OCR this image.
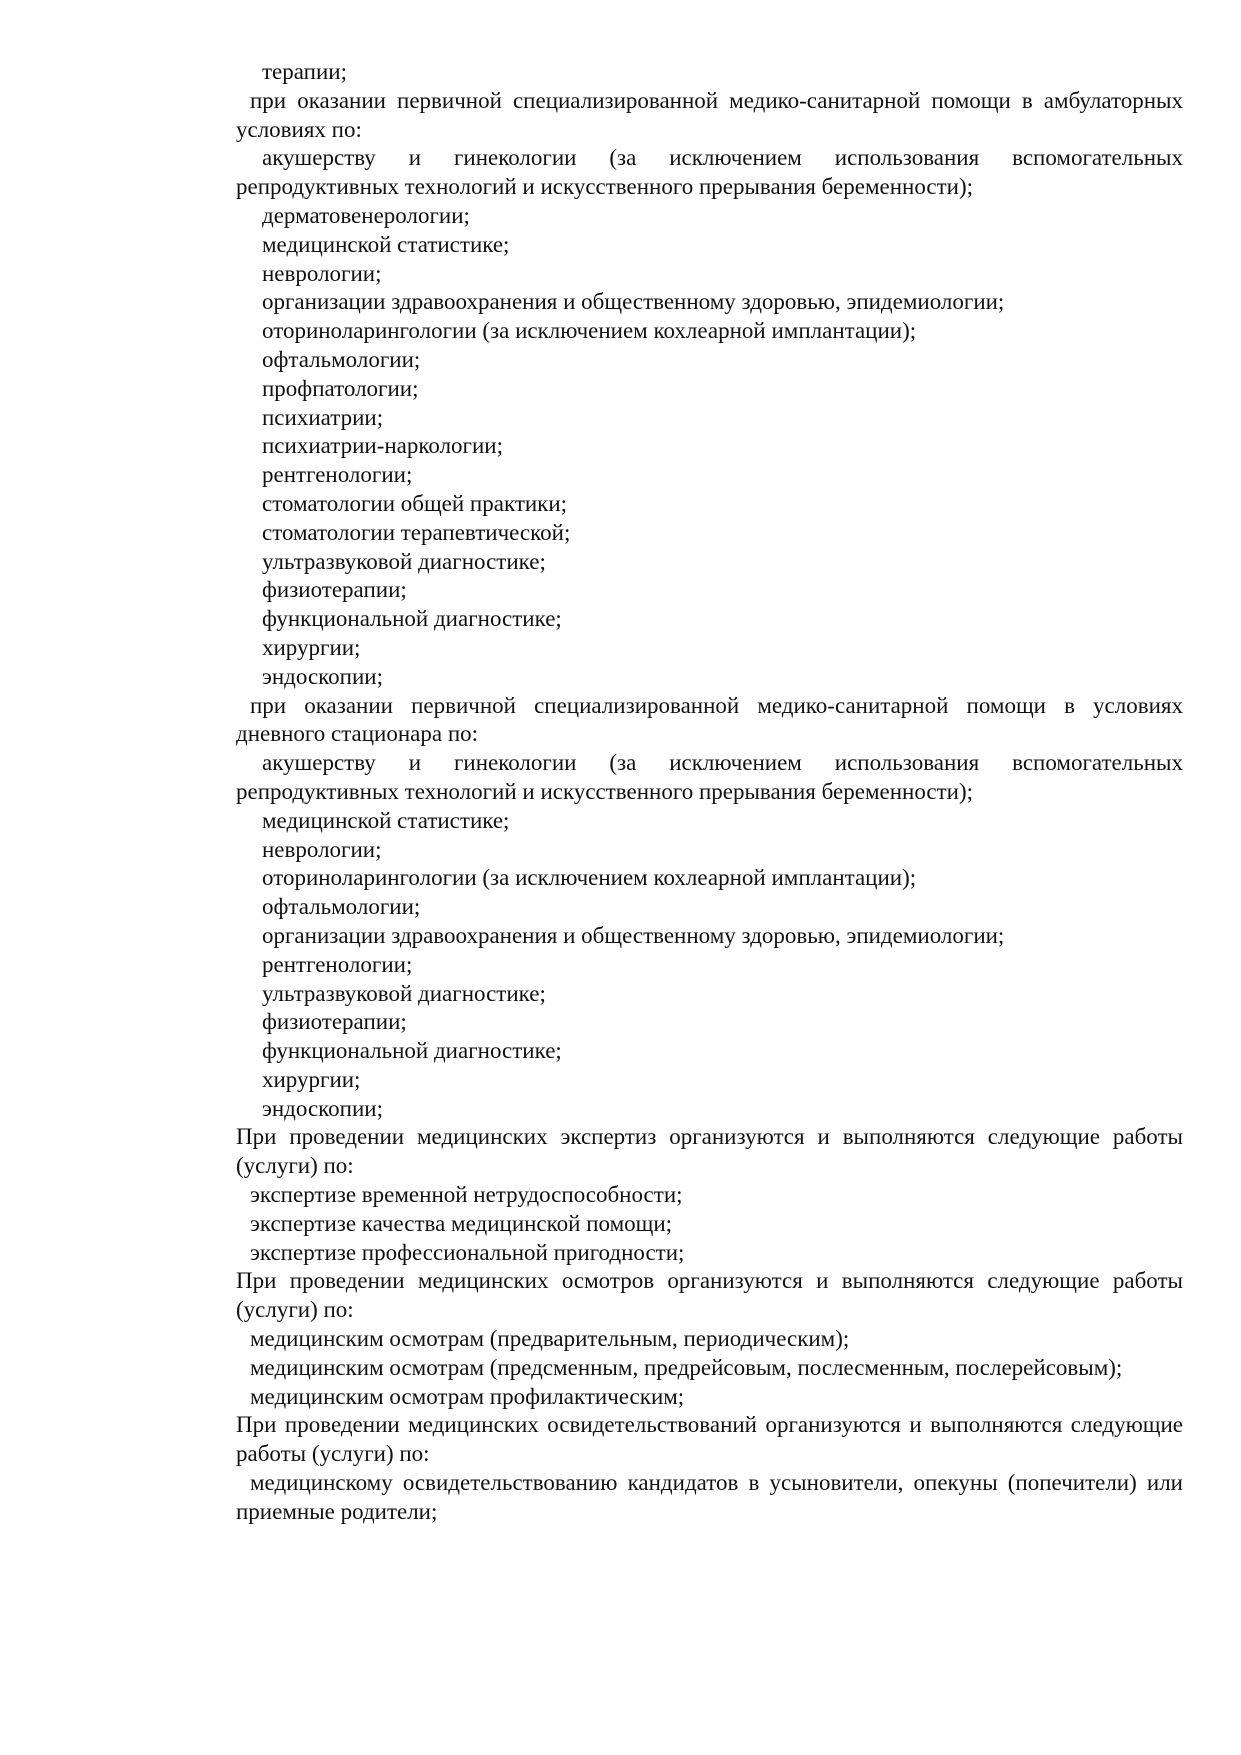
терапии;

при оказании первичной специализированной медико-санитарной помощи в амбулаторных условиях по:

акушерству и гинекологии (за исключением использования вспомогательных репродуктивных технологий и искусственного прерывания беременности);

дерматовенерологии;

медицинской статистике;

неврологии;

организации здравоохранения и общественному здоровью, эпидемиологии;

оториноларингологии (за исключением кохлеарной имплантации);

офтальмологии;

профпатологии;

психиатрии;

психиатрии-наркологии;

рентгенологии;

стоматологии общей практики;

стоматологии терапевтической;

ультразвуковой диагностике;

физиотерапии;

функциональной диагностике;

хирургии;

эндоскопии;

при оказании первичной специализированной медико-санитарной помощи в условиях дневного стационара по:

акушерству и гинекологии (за исключением использования вспомогательных репродуктивных технологий и искусственного прерывания беременности);

медицинской статистике;

неврологии;

оториноларингологии (за исключением кохлеарной имплантации);

офтальмологии;

организации здравоохранения и общественному здоровью, эпидемиологии;

рентгенологии;

ультразвуковой диагностике;

физиотерапии;

функциональной диагностике;

хирургии;

эндоскопии;

При проведении медицинских экспертиз организуются и выполняются следующие работы (услуги) по:

экспертизе временной нетрудоспособности;

экспертизе качества медицинской помощи;

экспертизе профессиональной пригодности;

При проведении медицинских осмотров организуются и выполняются следующие работы (услуги) по:

медицинским осмотрам (предварительным, периодическим);

медицинским осмотрам (предсменным, предрейсовым, послесменным, послерейсовым);

медицинским осмотрам профилактическим;

При проведении медицинских освидетельствований организуются и выполняются следующие работы (услуги) по:

медицинскому освидетельствованию кандидатов в усыновители, опекуны (попечители) или приемные родители;
